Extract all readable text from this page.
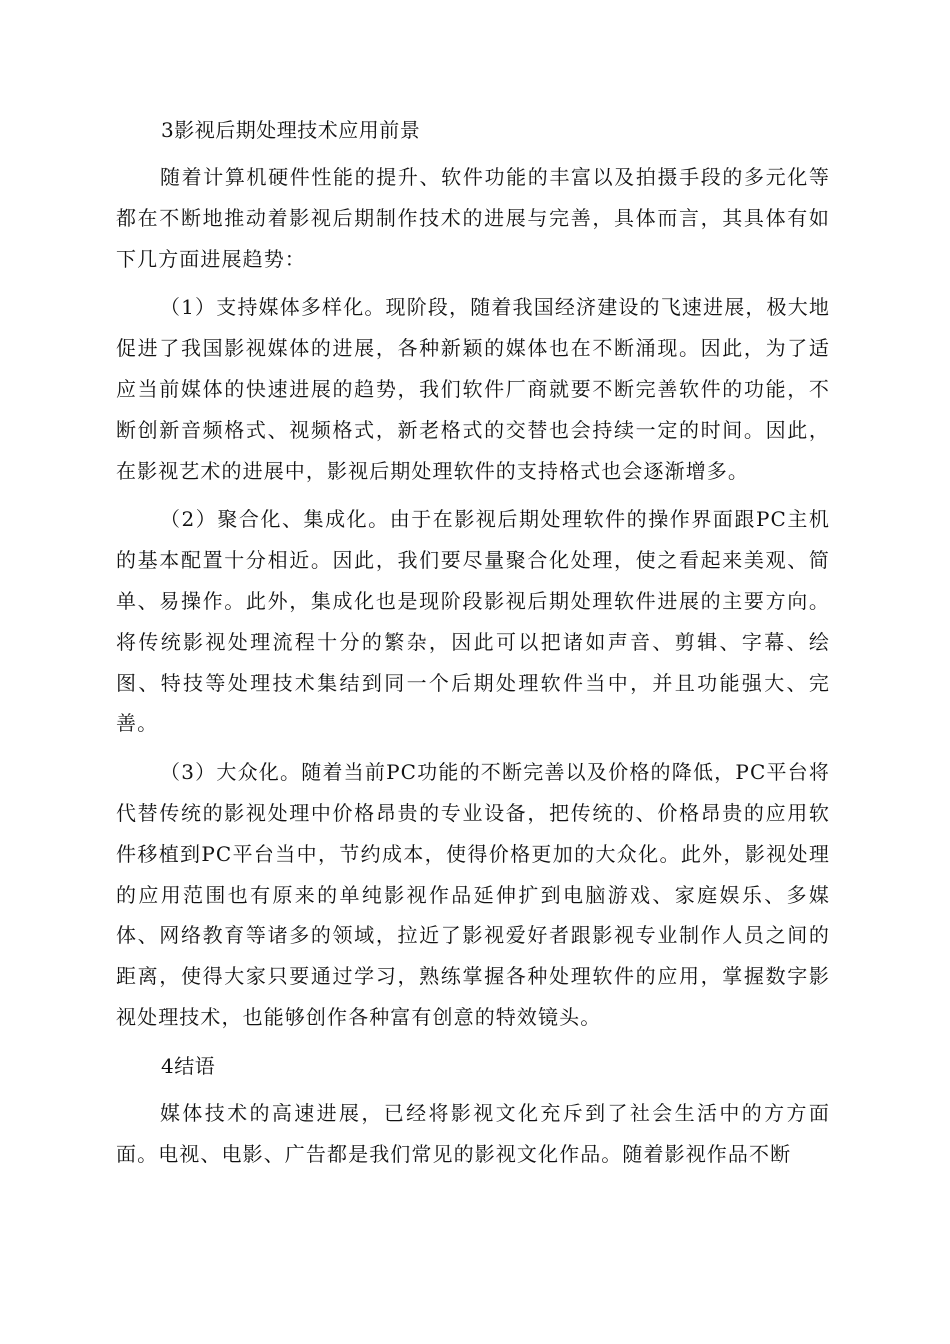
3影视后期处理技术应用前景

随着计算机硬件性能的提升、软件功能的丰富以及拍摄手段的多元化等都在不断地推动着影视后期制作技术的进展与完善，具体而言，其具体有如下几方面进展趋势：

（1）支持媒体多样化。现阶段，随着我国经济建设的飞速进展，极大地促进了我国影视媒体的进展，各种新颖的媒体也在不断涌现。因此，为了适应当前媒体的快速进展的趋势，我们软件厂商就要不断完善软件的功能，不断创新音频格式、视频格式，新老格式的交替也会持续一定的时间。因此，在影视艺术的进展中，影视后期处理软件的支持格式也会逐渐增多。

（2）聚合化、集成化。由于在影视后期处理软件的操作界面跟PC主机的基本配置十分相近。因此，我们要尽量聚合化处理，使之看起来美观、简单、易操作。此外，集成化也是现阶段影视后期处理软件进展的主要方向。将传统影视处理流程十分的繁杂，因此可以把诸如声音、剪辑、字幕、绘图、特技等处理技术集结到同一个后期处理软件当中，并且功能强大、完善。

（3）大众化。随着当前PC功能的不断完善以及价格的降低，PC平台将代替传统的影视处理中价格昂贵的专业设备，把传统的、价格昂贵的应用软件移植到PC平台当中，节约成本，使得价格更加的大众化。此外，影视处理的应用范围也有原来的单纯影视作品延伸扩到电脑游戏、家庭娱乐、多媒体、网络教育等诸多的领域，拉近了影视爱好者跟影视专业制作人员之间的距离，使得大家只要通过学习，熟练掌握各种处理软件的应用，掌握数字影视处理技术，也能够创作各种富有创意的特效镜头。

4结语

媒体技术的高速进展，已经将影视文化充斥到了社会生活中的方方面面。电视、电影、广告都是我们常见的影视文化作品。随着影视作品不断
